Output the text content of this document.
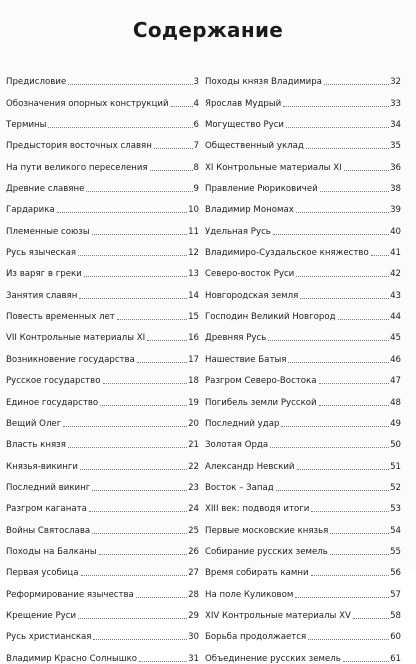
Содержание
Предисловие	3
Обозначения опорных конструкций	4
Термины	6
Предыстория восточных славян	7
На пути великого переселения	8
Древние славяне	9
Гардарика	10
Племенные союзы	11
Русь языческая	12
Из варяг в греки	13
Занятия славян	14
Повесть временных лет	15
VII Контрольные материалы XI	16
Возникновение государства	17
Русское государство	18
Единое государство	19
Вещий Олег	20
Власть князя	21
Князья-викинги	22
Последний викинг	23
Разгром каганата	24
Войны Святослава	25
Походы на Балканы	26
Первая усобица	27
Реформирование язычества	28
Крещение Руси	29
Русь христианская	30
Владимир Красно Солнышко	31
Походы князя Владимира	32
Ярослав Мудрый	33
Могущество Руси	34
Общественный уклад	35
XI Контрольные материалы XI	36
Правление Рюриковичей	38
Владимир Мономах	39
Удельная Русь	40
Владимиро-Суздальское княжество 41
Северо-восток Руси	42
Новгородская земля	43
Господин Великий Новгород	44
Древняя Русь	45
Нашествие Батыя	46
Разгром Северо-Востока	47
Погибель земли Русской	48
Последний удар	49
Золотая Орда	50
Александр Невский	51
Восток – Запад	52
XIII век: подводя итоги	53
Первые московские князья	54
Собирание русских земель	55
Время собирать камни	56
На поле Куликовом	57
XIV Контрольные материалы XV	58
Борьба продолжается	60
Объединение русских земель	61
